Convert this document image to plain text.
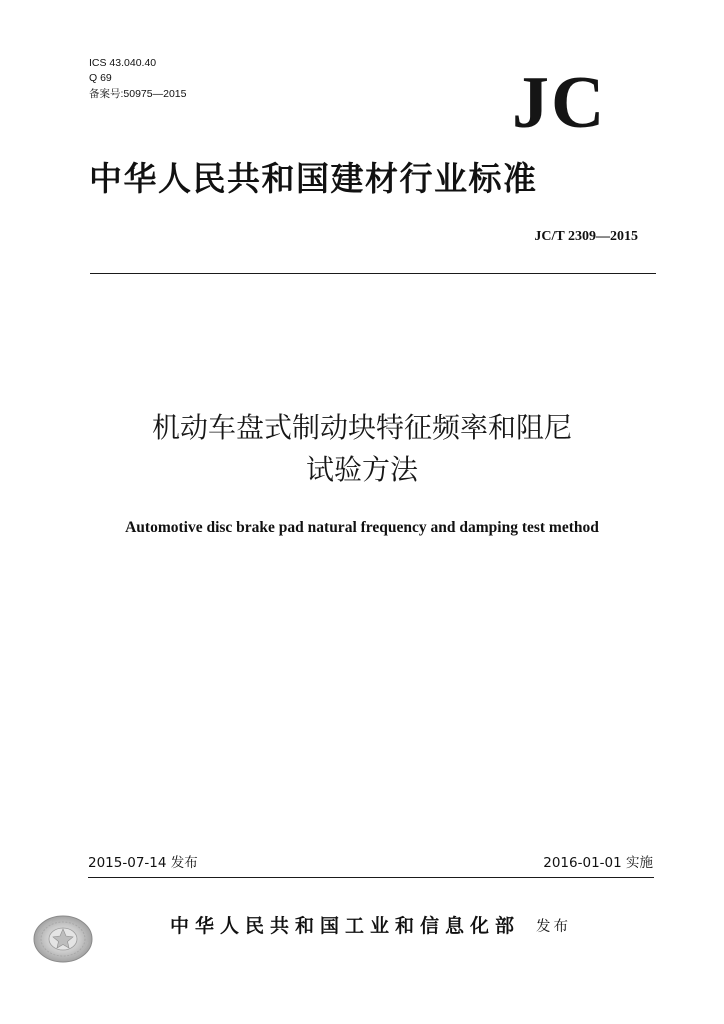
ICS 43.040.40
Q 69
备案号:50975—2015	JC
中华人民共和国建材行业标准
JC/T 2309—2015
机动车盘式制动块特征频率和阻尼
试验方法
Automotive disc brake pad natural frequency and damping test method
2015-07-14 发布	2016-01-01 实施
中华人民共和国工业和信息化部 发布
